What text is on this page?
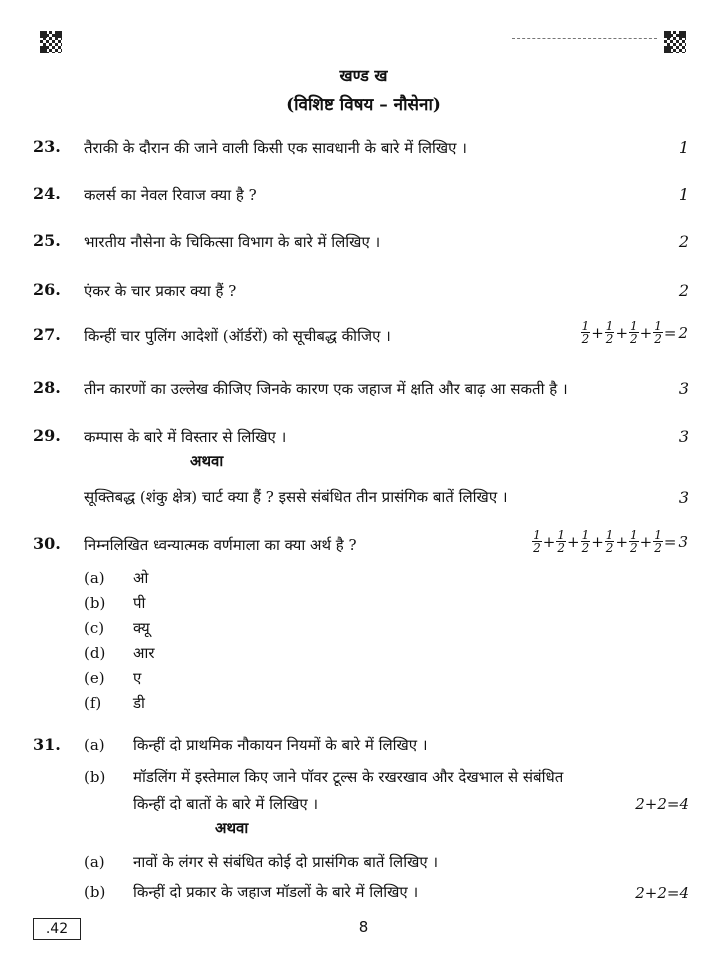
खण्ड ख
(विशिष्ट विषय – नौसेना)
23. तैराकी के दौरान की जाने वाली किसी एक सावधानी के बारे में लिखिए ।	1
24. कलर्स का नेवल रिवाज क्या है ?	1
25. भारतीय नौसेना के चिकित्सा विभाग के बारे में लिखिए ।	2
26. एंकर के चार प्रकार क्या हैं ?	2
27. किन्हीं चार पुलिंग आदेशों (ऑर्डरों) को सूचीबद्ध कीजिए ।	$\frac{1}{2} + \frac{1}{2} + \frac{1}{2} + \frac{1}{2} = 2$
28. तीन कारणों का उल्लेख कीजिए जिनके कारण एक जहाज में क्षति और बाढ़ आ सकती है ।	3
29. कम्पास के बारे में विस्तार से लिखिए ।	3
अथवा
सूक्तिबद्ध (शंकु क्षेत्र) चार्ट क्या हैं ? इससे संबंधित तीन प्रासंगिक बातें लिखिए ।	3
30. निम्नलिखित ध्वन्यात्मक वर्णमाला का क्या अर्थ है ?	$\frac{1}{2} + \frac{1}{2} + \frac{1}{2} + \frac{1}{2} + \frac{1}{2} + \frac{1}{2} = 3$
(a) ओ
(b) पी
(c) क्यू
(d) आर
(e) ए
(f) डी
31. (a) किन्हीं दो प्राथमिक नौकायन नियमों के बारे में लिखिए ।
(b) मॉडलिंग में इस्तेमाल किए जाने पॉवर टूल्स के रखरखाव और देखभाल से संबंधित
किन्हीं दो बातों के बारे में लिखिए ।	2+2=4
अथवा
(a) नावों के लंगर से संबंधित कोई दो प्रासंगिक बातें लिखिए ।
(b) किन्हीं दो प्रकार के जहाज मॉडलों के बारे में लिखिए ।	2+2=4
.42	8
